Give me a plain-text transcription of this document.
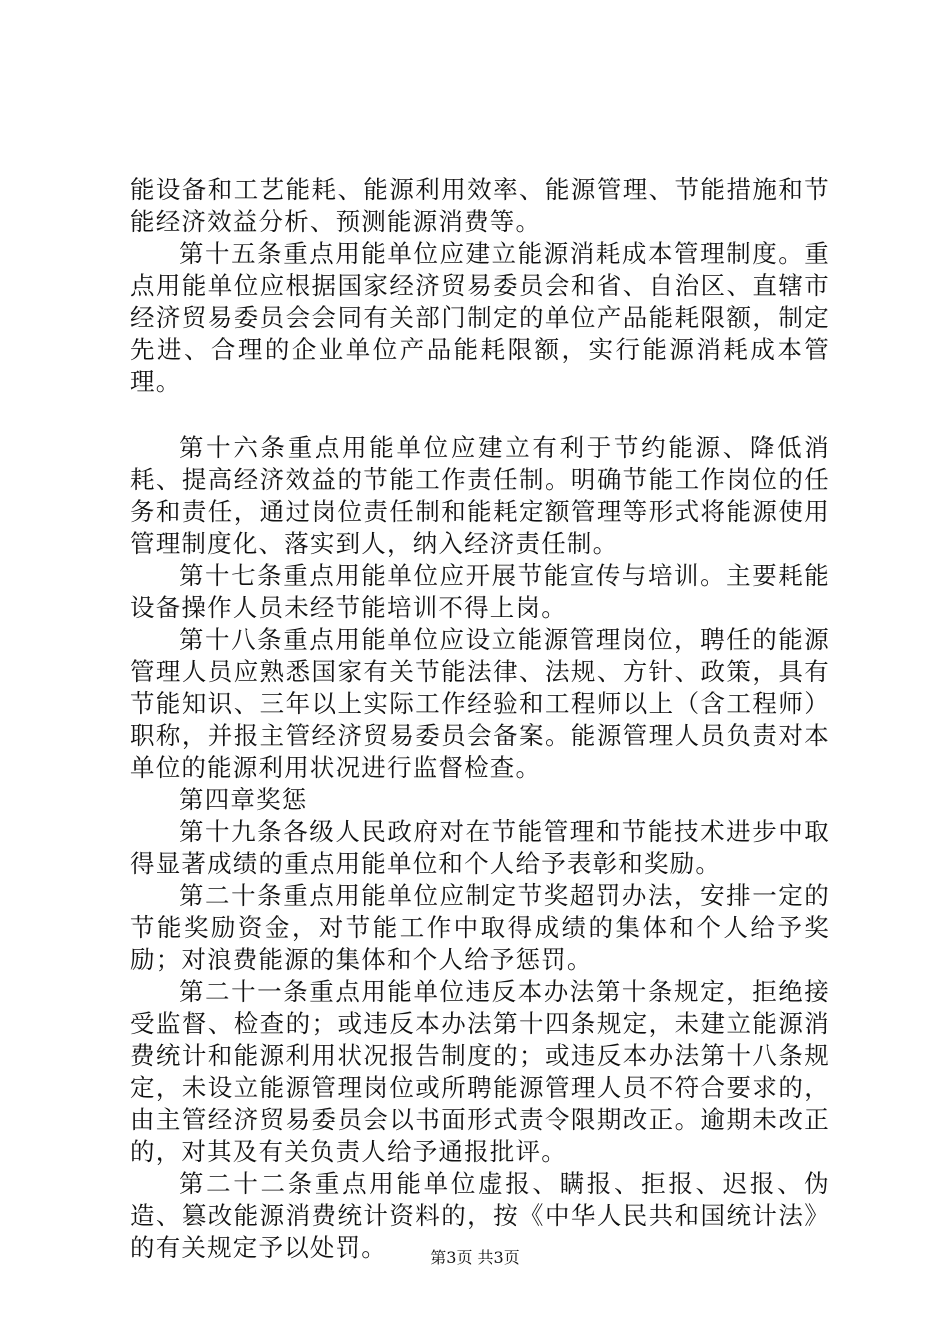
能设备和工艺能耗、能源利用效率、能源管理、节能措施和节能经济效益分析、预测能源消费等。

第十五条重点用能单位应建立能源消耗成本管理制度。重点用能单位应根据国家经济贸易委员会和省、自治区、直辖市经济贸易委员会会同有关部门制定的单位产品能耗限额，制定先进、合理的企业单位产品能耗限额，实行能源消耗成本管理。

第十六条重点用能单位应建立有利于节约能源、降低消耗、提高经济效益的节能工作责任制。明确节能工作岗位的任务和责任，通过岗位责任制和能耗定额管理等形式将能源使用管理制度化、落实到人，纳入经济责任制。

第十七条重点用能单位应开展节能宣传与培训。主要耗能设备操作人员未经节能培训不得上岗。

第十八条重点用能单位应设立能源管理岗位，聘任的能源管理人员应熟悉国家有关节能法律、法规、方针、政策，具有节能知识、三年以上实际工作经验和工程师以上（含工程师）职称，并报主管经济贸易委员会备案。能源管理人员负责对本单位的能源利用状况进行监督检查。

第四章奖惩

第十九条各级人民政府对在节能管理和节能技术进步中取得显著成绩的重点用能单位和个人给予表彰和奖励。

第二十条重点用能单位应制定节奖超罚办法，安排一定的节能奖励资金，对节能工作中取得成绩的集体和个人给予奖励；对浪费能源的集体和个人给予惩罚。

第二十一条重点用能单位违反本办法第十条规定，拒绝接受监督、检查的；或违反本办法第十四条规定，未建立能源消费统计和能源利用状况报告制度的；或违反本办法第十八条规定，未设立能源管理岗位或所聘能源管理人员不符合要求的，由主管经济贸易委员会以书面形式责令限期改正。逾期未改正的，对其及有关负责人给予通报批评。

第二十二条重点用能单位虚报、瞒报、拒报、迟报、伪造、篡改能源消费统计资料的，按《中华人民共和国统计法》的有关规定予以处罚。	第3页 共3页
